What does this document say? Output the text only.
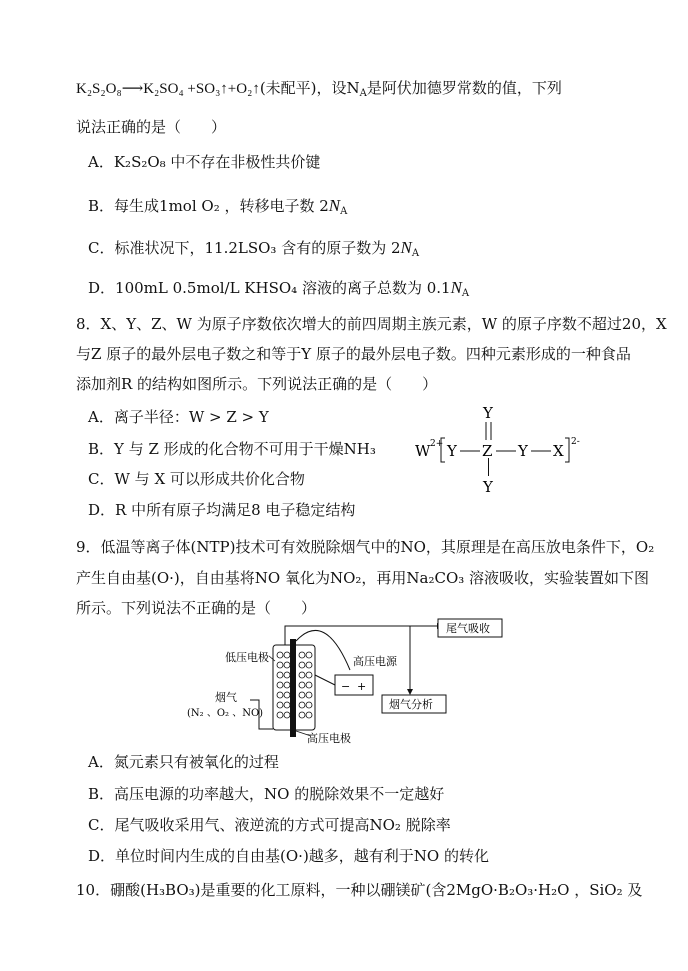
K₂S₂O₈⟶K₂SO₄ +SO₃↑+O₂↑(未配平)，设$N_A$是阿伏加德罗常数的值，下列
说法正确的是（　　）
A．K₂S₂O₈ 中不存在非极性共价键
B．每生成1mol O₂ ，转移电子数 $2N_A$
C．标准状况下，11.2LSO₃ 含有的原子数为 $2N_A$
D．100mL 0.5mol/L KHSO₄ 溶液的离子总数为 $0.1N_A$
8．X、Y、Z、W 为原子序数依次增大的前四周期主族元素，W 的原子序数不超过20，X
与Z 原子的最外层电子数之和等于Y 原子的最外层电子数。四种元素形成的一种食品
添加剂R 的结构如图所示。下列说法正确的是（　　）
A．离子半径：W > Z > Y
B．Y 与 Z 形成的化合物不可用于干燥NH₃
C．W 与 X 可以形成共价化合物
D．R 中所有原子均满足8 电子稳定结构
W 2+ Y Z Y X 2-
Y
Y
9．低温等离子体(NTP)技术可有效脱除烟气中的NO，其原理是在高压放电条件下，O₂
产生自由基(O·)，自由基将NO 氧化为NO₂，再用Na₂CO₃ 溶液吸收，实验装置如下图
所示。下列说法不正确的是（　　）
尾气吸收
烟气分析
烟气
(N₂ 、O₂ 、NO)
低压电极	高压电源
− +
高压电极
A．氮元素只有被氧化的过程
B．高压电源的功率越大，NO 的脱除效果不一定越好
C．尾气吸收采用气、液逆流的方式可提高NO₂ 脱除率
D．单位时间内生成的自由基(O·)越多，越有利于NO 的转化
10．硼酸(H₃BO₃)是重要的化工原料，一种以硼镁矿(含2MgO·B₂O₃·H₂O ，SiO₂ 及
